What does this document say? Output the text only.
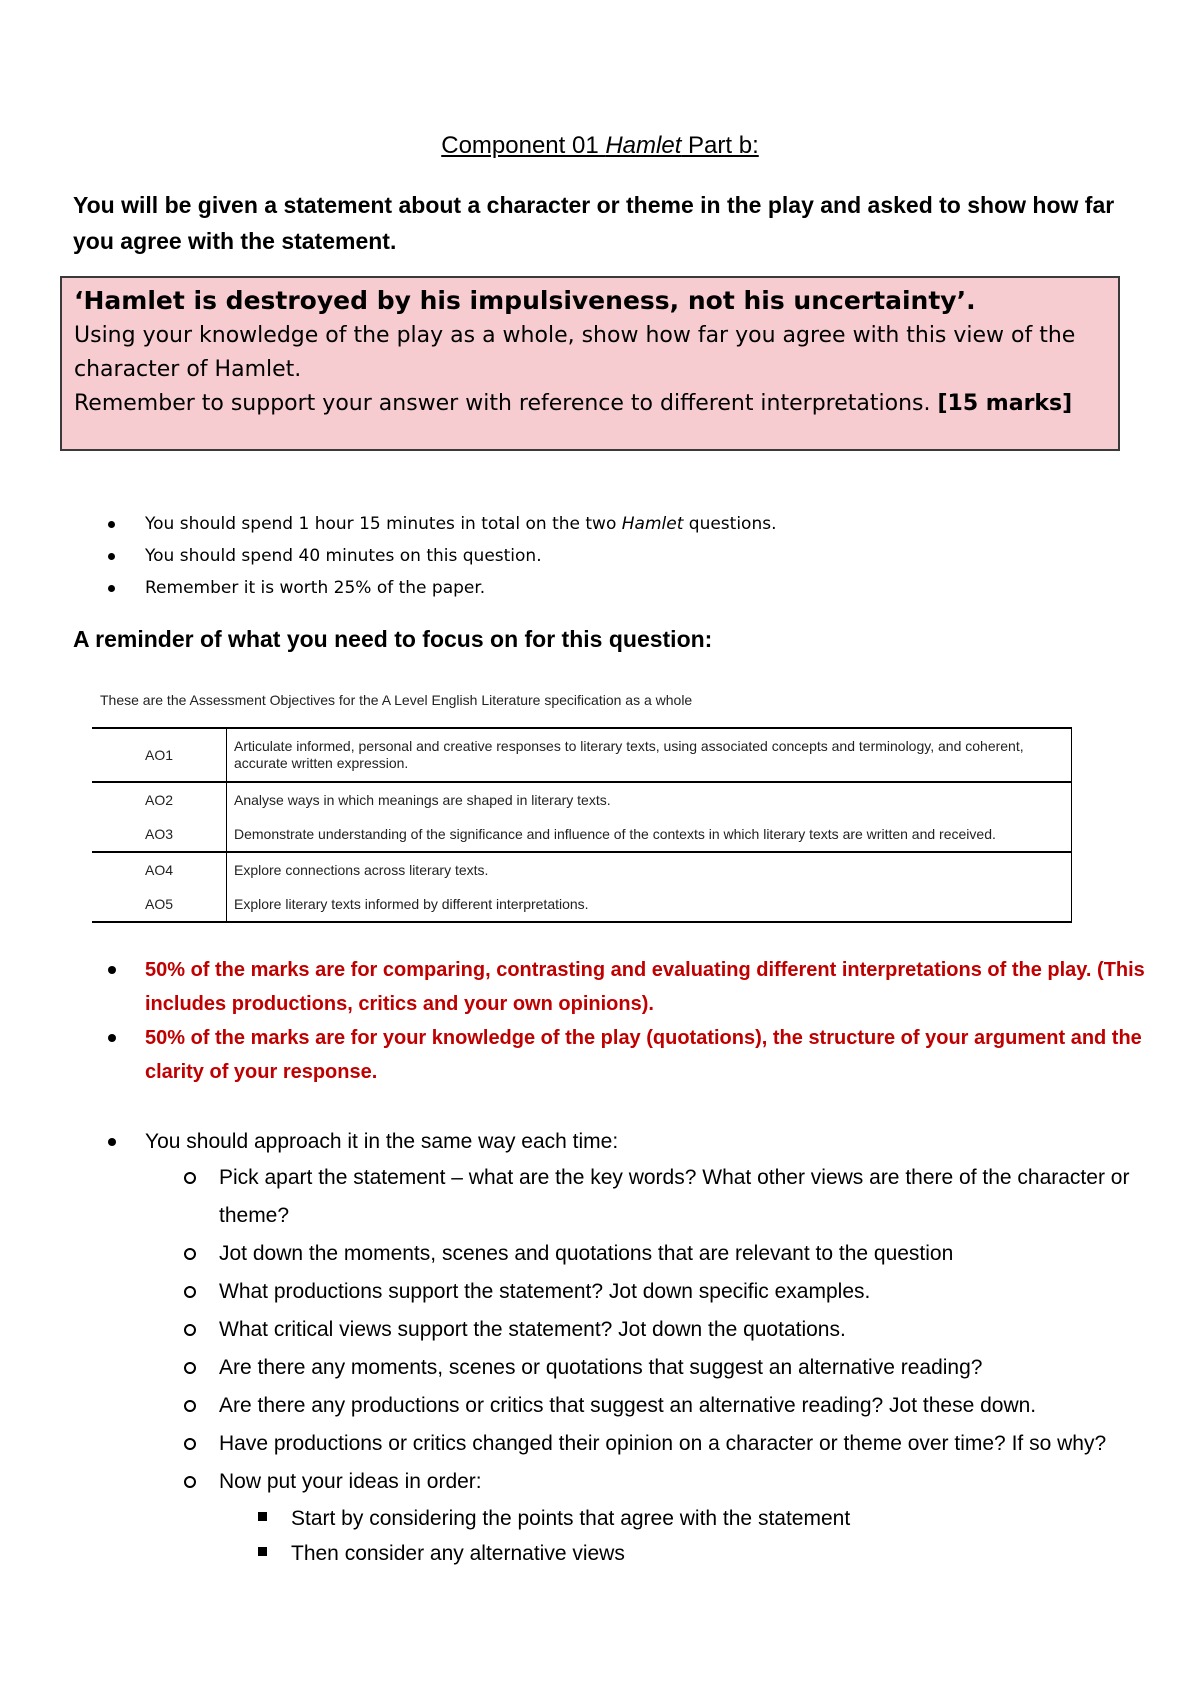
Component 01 Hamlet Part b:
You will be given a statement about a character or theme in the play and asked to show how far you agree with the statement.
‘Hamlet is destroyed by his impulsiveness, not his uncertainty’.
Using your knowledge of the play as a whole, show how far you agree with this view of the character of Hamlet.
Remember to support your answer with reference to different interpretations. [15 marks]
You should spend 1 hour 15 minutes in total on the two Hamlet questions.
You should spend 40 minutes on this question.
Remember it is worth 25% of the paper.
A reminder of what you need to focus on for this question:
These are the Assessment Objectives for the A Level English Literature specification as a whole
AO1	Articulate informed, personal and creative responses to literary texts, using associated concepts and terminology, and coherent, accurate written expression.
AO2	Analyse ways in which meanings are shaped in literary texts.
AO3	Demonstrate understanding of the significance and influence of the contexts in which literary texts are written and received.
AO4	Explore connections across literary texts.
AO5	Explore literary texts informed by different interpretations.
50% of the marks are for comparing, contrasting and evaluating different interpretations of the play. (This includes productions, critics and your own opinions).
50% of the marks are for your knowledge of the play (quotations), the structure of your argument and the clarity of your response.
You should approach it in the same way each time:
Pick apart the statement – what are the key words? What other views are there of the character or theme?
Jot down the moments, scenes and quotations that are relevant to the question
What productions support the statement? Jot down specific examples.
What critical views support the statement? Jot down the quotations.
Are there any moments, scenes or quotations that suggest an alternative reading?
Are there any productions or critics that suggest an alternative reading? Jot these down.
Have productions or critics changed their opinion on a character or theme over time? If so why?
Now put your ideas in order:
Start by considering the points that agree with the statement
Then consider any alternative views
